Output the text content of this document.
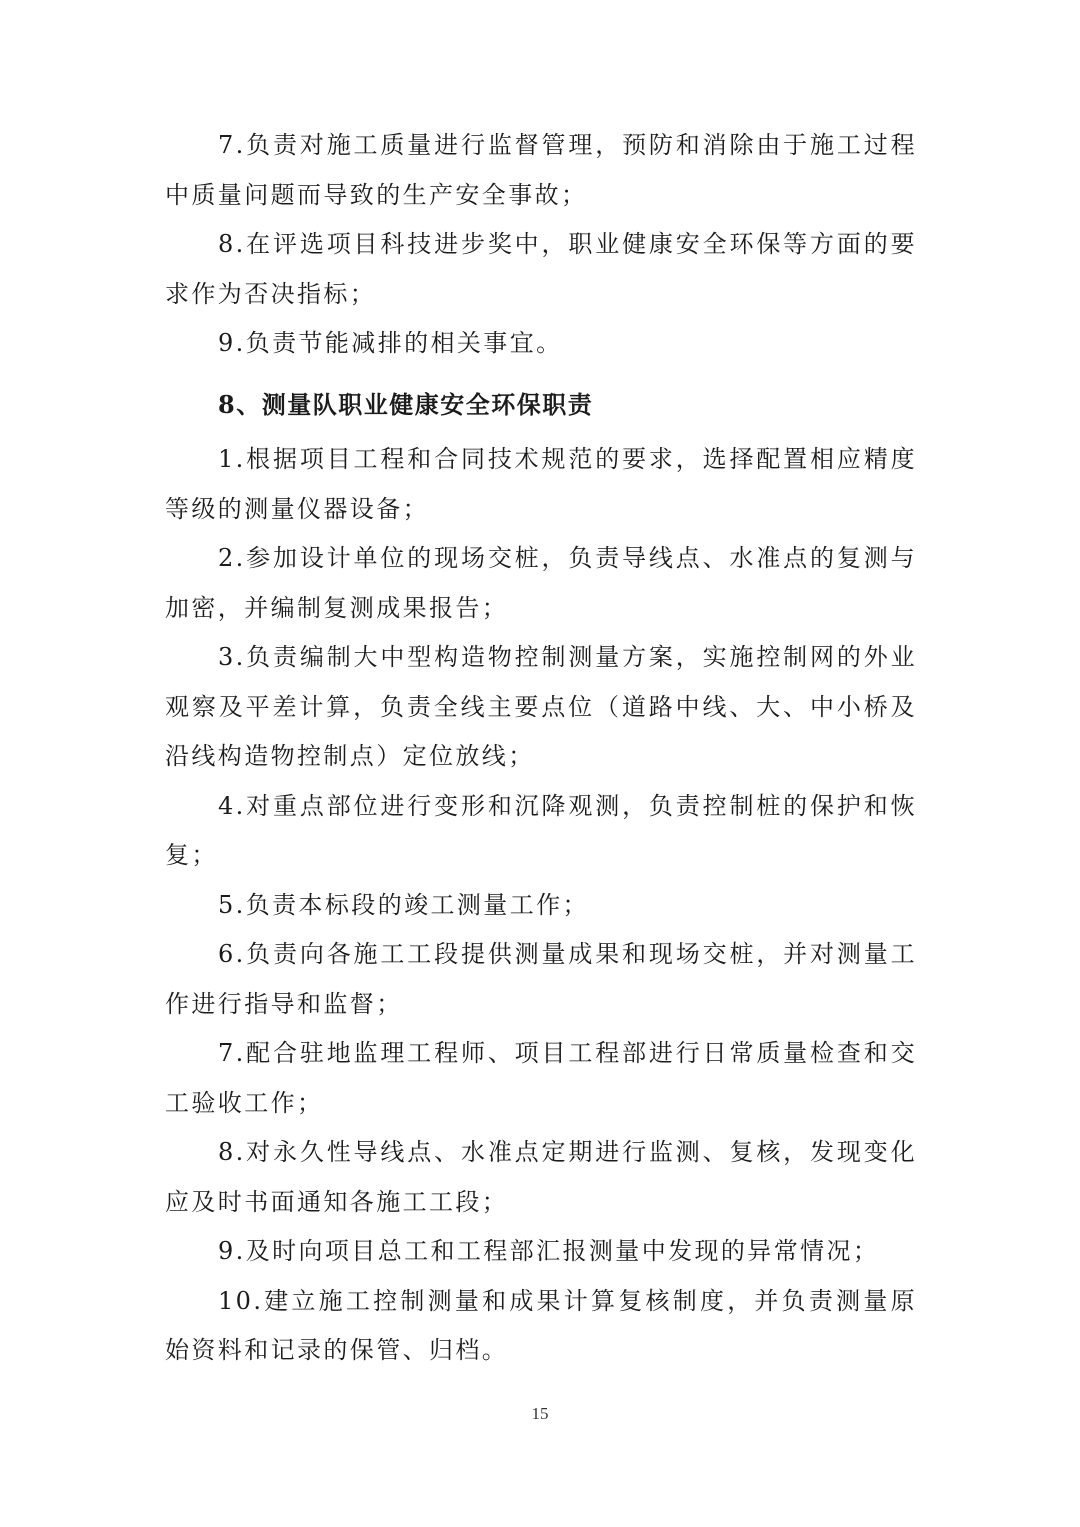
7.负责对施工质量进行监督管理，预防和消除由于施工过程中质量问题而导致的生产安全事故；

8.在评选项目科技进步奖中，职业健康安全环保等方面的要求作为否决指标；

9.负责节能减排的相关事宜。

8、测量队职业健康安全环保职责

1.根据项目工程和合同技术规范的要求，选择配置相应精度等级的测量仪器设备；

2.参加设计单位的现场交桩，负责导线点、水准点的复测与加密，并编制复测成果报告；

3.负责编制大中型构造物控制测量方案，实施控制网的外业观察及平差计算，负责全线主要点位（道路中线、大、中小桥及沿线构造物控制点）定位放线；

4.对重点部位进行变形和沉降观测，负责控制桩的保护和恢复；

5.负责本标段的竣工测量工作；

6.负责向各施工工段提供测量成果和现场交桩，并对测量工作进行指导和监督；

7.配合驻地监理工程师、项目工程部进行日常质量检查和交工验收工作；

8.对永久性导线点、水准点定期进行监测、复核，发现变化应及时书面通知各施工工段；

9.及时向项目总工和工程部汇报测量中发现的异常情况；

10.建立施工控制测量和成果计算复核制度，并负责测量原始资料和记录的保管、归档。

15
